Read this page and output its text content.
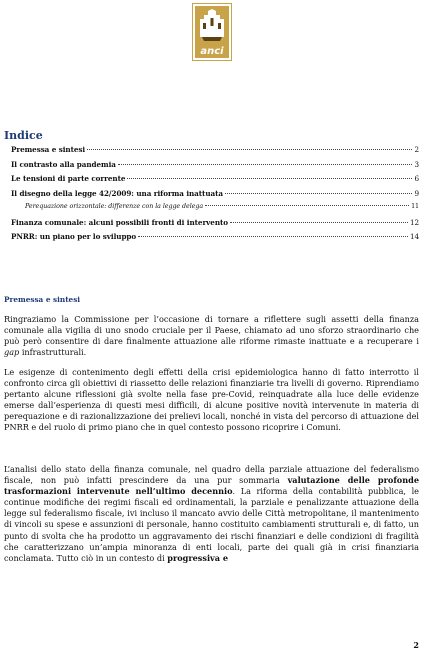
anci
Indice
Premessa e sintesi	2
Il contrasto alla pandemia	3
Le tensioni di parte corrente	6
Il disegno della legge 42/2009: una riforma inattuata	9
Perequazione orizzontale: differenze con la legge delega	11
Finanza comunale: alcuni possibili fronti di intervento	12
PNRR: un piano per lo sviluppo	14
Premessa e sintesi
Ringraziamo la Commissione per l’occasione di tornare a riflettere sugli assetti della finanza comunale alla vigilia di uno snodo cruciale per il Paese, chiamato ad uno sforzo straordinario che può però consentire di dare finalmente attuazione alle riforme rimaste inattuate e a recuperare i gap infrastrutturali.
Le esigenze di contenimento degli effetti della crisi epidemiologica hanno di fatto interrotto il confronto circa gli obiettivi di riassetto delle relazioni finanziarie tra livelli di governo. Riprendiamo pertanto alcune riflessioni già svolte nella fase pre-Covid, reinquadrate alla luce delle evidenze emerse dall’esperienza di questi mesi difficili, di alcune positive novità intervenute in materia di perequazione e di razionalizzazione dei prelievi locali, nonché in vista del percorso di attuazione del PNRR e del ruolo di primo piano che in quel contesto possono ricoprire i Comuni.
L’analisi dello stato della finanza comunale, nel quadro della parziale attuazione del federalismo fiscale, non può infatti prescindere da una pur sommaria valutazione delle profonde trasformazioni intervenute nell’ultimo decennio. La riforma della contabilità pubblica, le continue modifiche dei regimi fiscali ed ordinamentali, la parziale e penalizzante attuazione della legge sul federalismo fiscale, ivi incluso il mancato avvio delle Città metropolitane, il mantenimento di vincoli su spese e assunzioni di personale, hanno costituito cambiamenti strutturali e, di fatto, un punto di svolta che ha prodotto un aggravamento dei rischi finanziari e delle condizioni di fragilità che caratterizzano un’ampia minoranza di enti locali, parte dei quali già in crisi finanziaria conclamata. Tutto ciò in un contesto di progressiva e
2
